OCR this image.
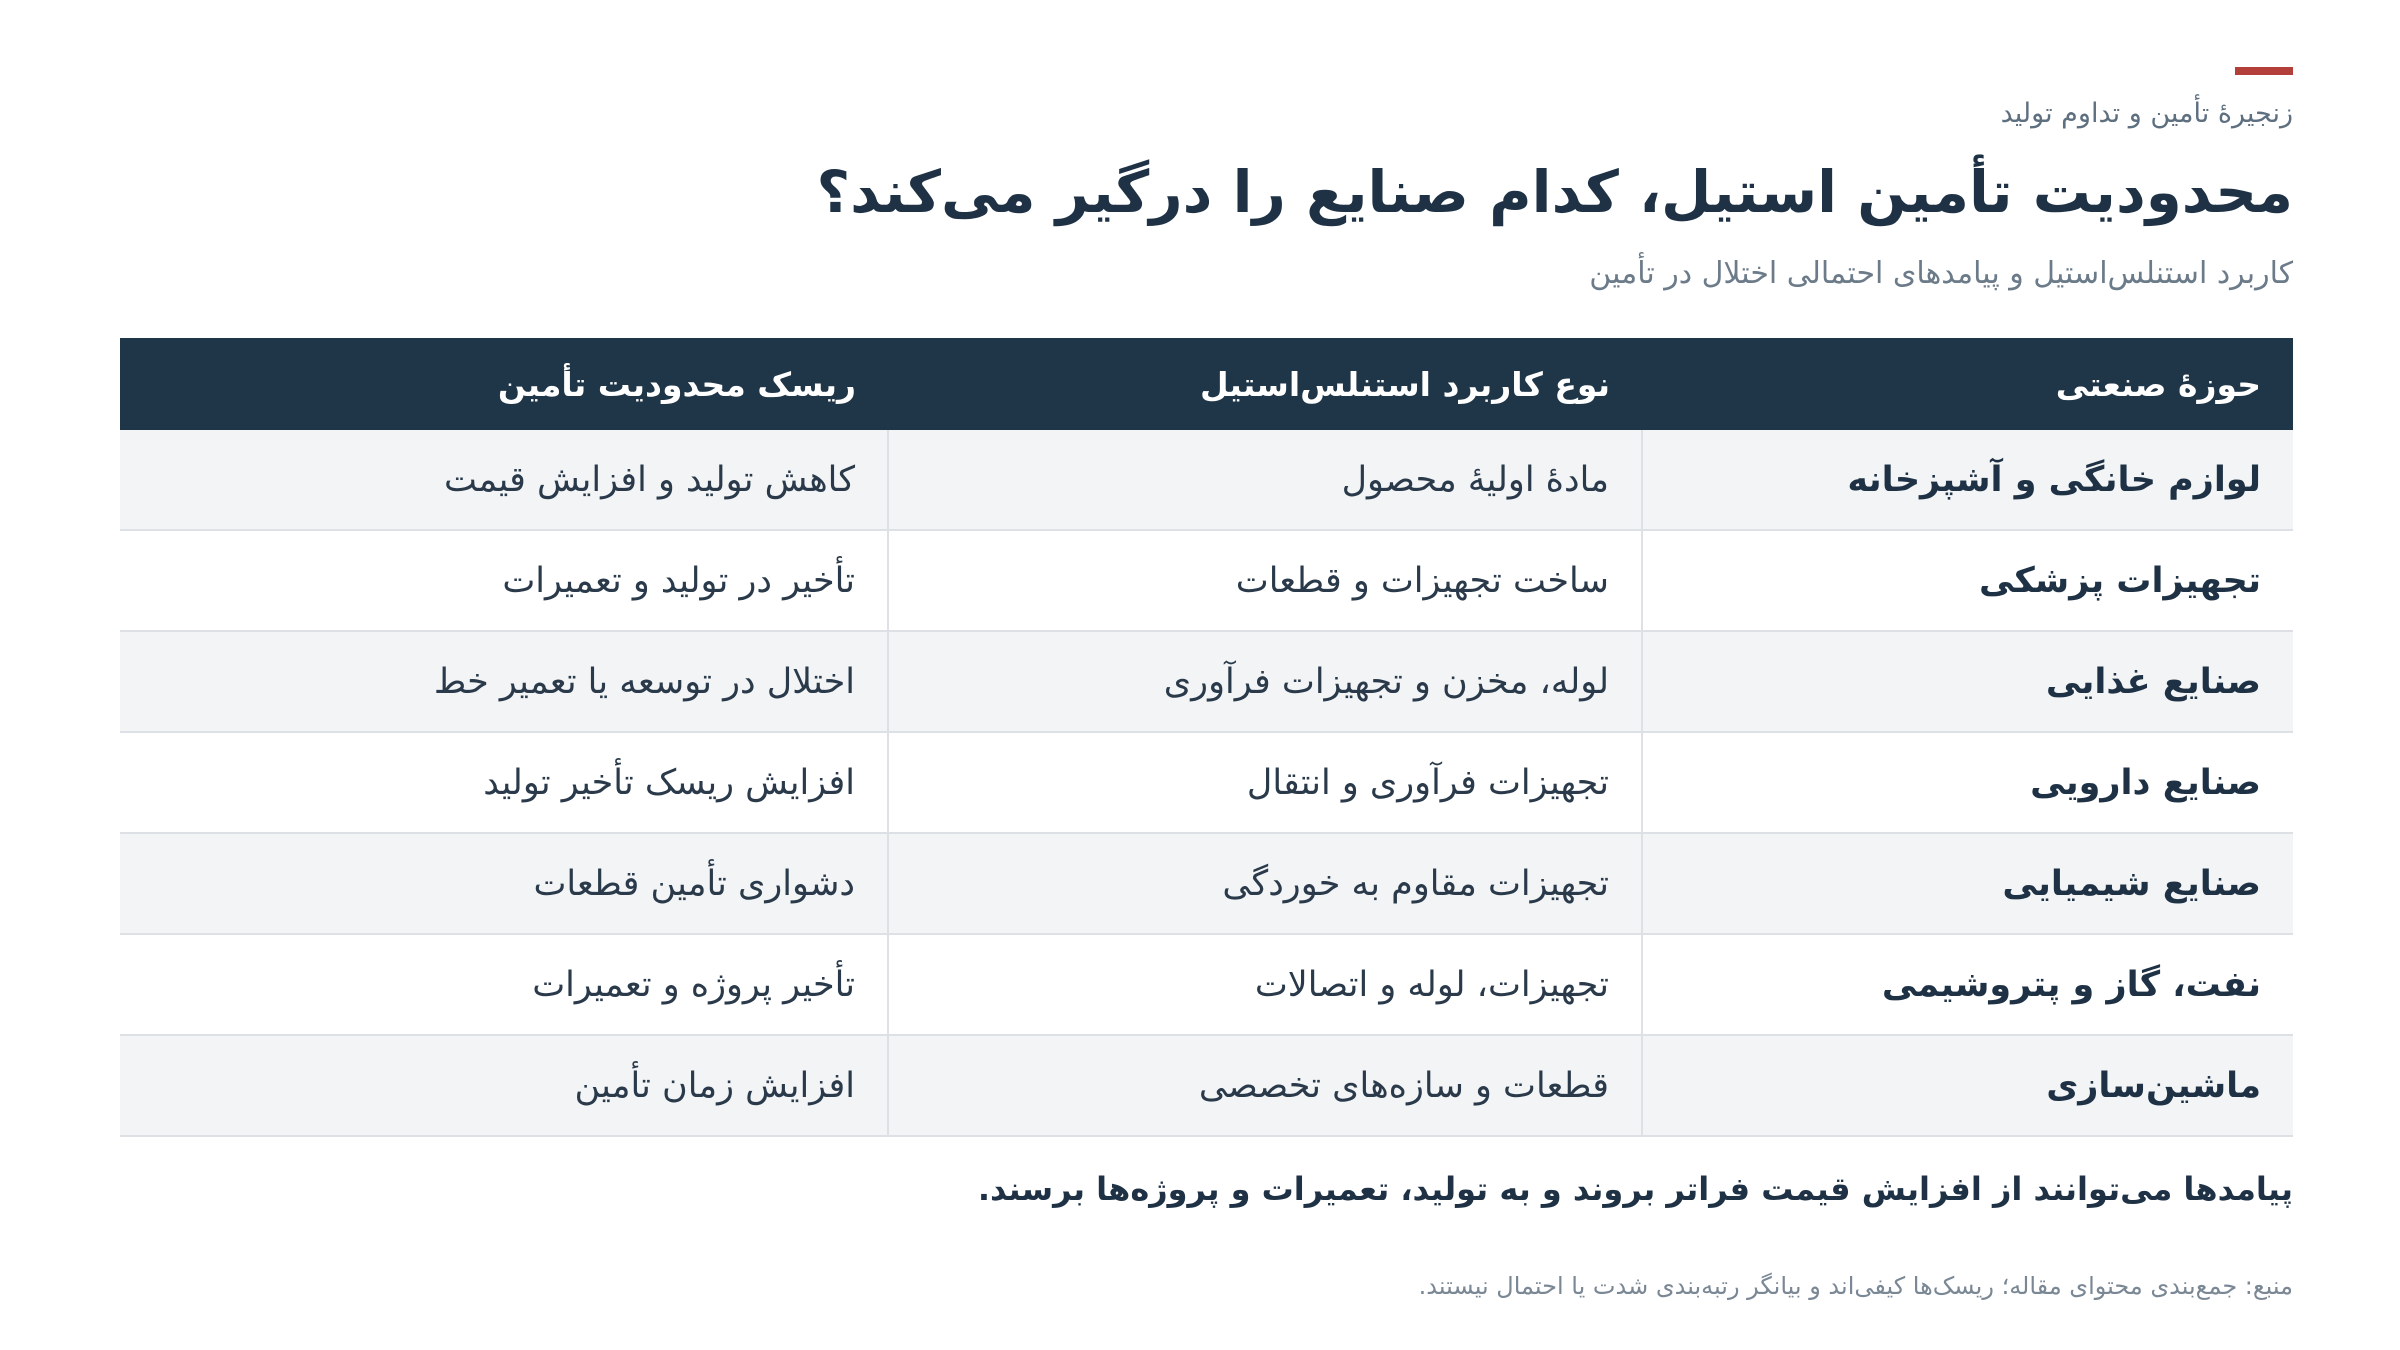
زنجیرهٔ تأمین و تداوم تولید
محدودیت تأمین استیل، کدام صنایع را درگیر می‌کند؟
کاربرد استنلس‌استیل و پیامدهای احتمالی اختلال در تأمین
حوزهٔ صنعتی	نوع کاربرد استنلس‌استیل	ریسک محدودیت تأمین
لوازم خانگی و آشپزخانه	مادهٔ اولیهٔ محصول	کاهش تولید و افزایش قیمت
تجهیزات پزشکی	ساخت تجهیزات و قطعات	تأخیر در تولید و تعمیرات
صنایع غذایی	لوله، مخزن و تجهیزات فرآوری	اختلال در توسعه یا تعمیر خط
صنایع دارویی	تجهیزات فرآوری و انتقال	افزایش ریسک تأخیر تولید
صنایع شیمیایی	تجهیزات مقاوم به خوردگی	دشواری تأمین قطعات
نفت، گاز و پتروشیمی	تجهیزات، لوله و اتصالات	تأخیر پروژه و تعمیرات
ماشین‌سازی	قطعات و سازه‌های تخصصی	افزایش زمان تأمین
پیامدها می‌توانند از افزایش قیمت فراتر بروند و به تولید، تعمیرات و پروژه‌ها برسند.
منبع: جمع‌بندی محتوای مقاله؛ ریسک‌ها کیفی‌اند و بیانگر رتبه‌بندی شدت یا احتمال نیستند.
